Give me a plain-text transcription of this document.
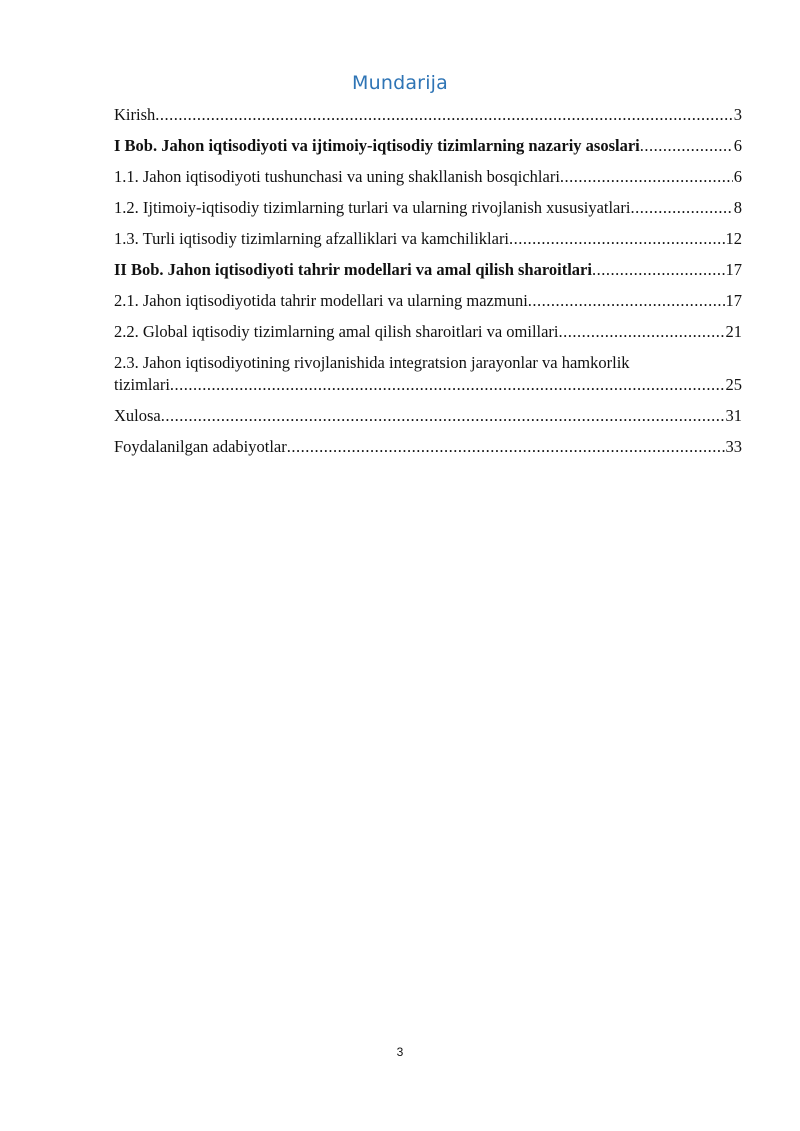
Mundarija
Kirish .....	3
I Bob. Jahon iqtisodiyoti va ijtimoiy-iqtisodiy tizimlarning nazariy asoslari .....	6
1.1. Jahon iqtisodiyoti tushunchasi va uning shakllanish bosqichlari .....	6
1.2. Ijtimoiy-iqtisodiy tizimlarning turlari va ularning rivojlanish xususiyatlari .....	8
1.3. Turli iqtisodiy tizimlarning afzalliklari va kamchiliklari .....	12
II Bob. Jahon iqtisodiyoti tahrir modellari va amal qilish sharoitlari .....	17
2.1. Jahon iqtisodiyotida tahrir modellari va ularning mazmuni .....	17
2.2. Global iqtisodiy tizimlarning amal qilish sharoitlari va omillari .....	21
2.3. Jahon iqtisodiyotining rivojlanishida integratsion jarayonlar va hamkorlik
tizimlari .....	25
Xulosa .....	31
Foydalanilgan adabiyotlar .....	33
3
